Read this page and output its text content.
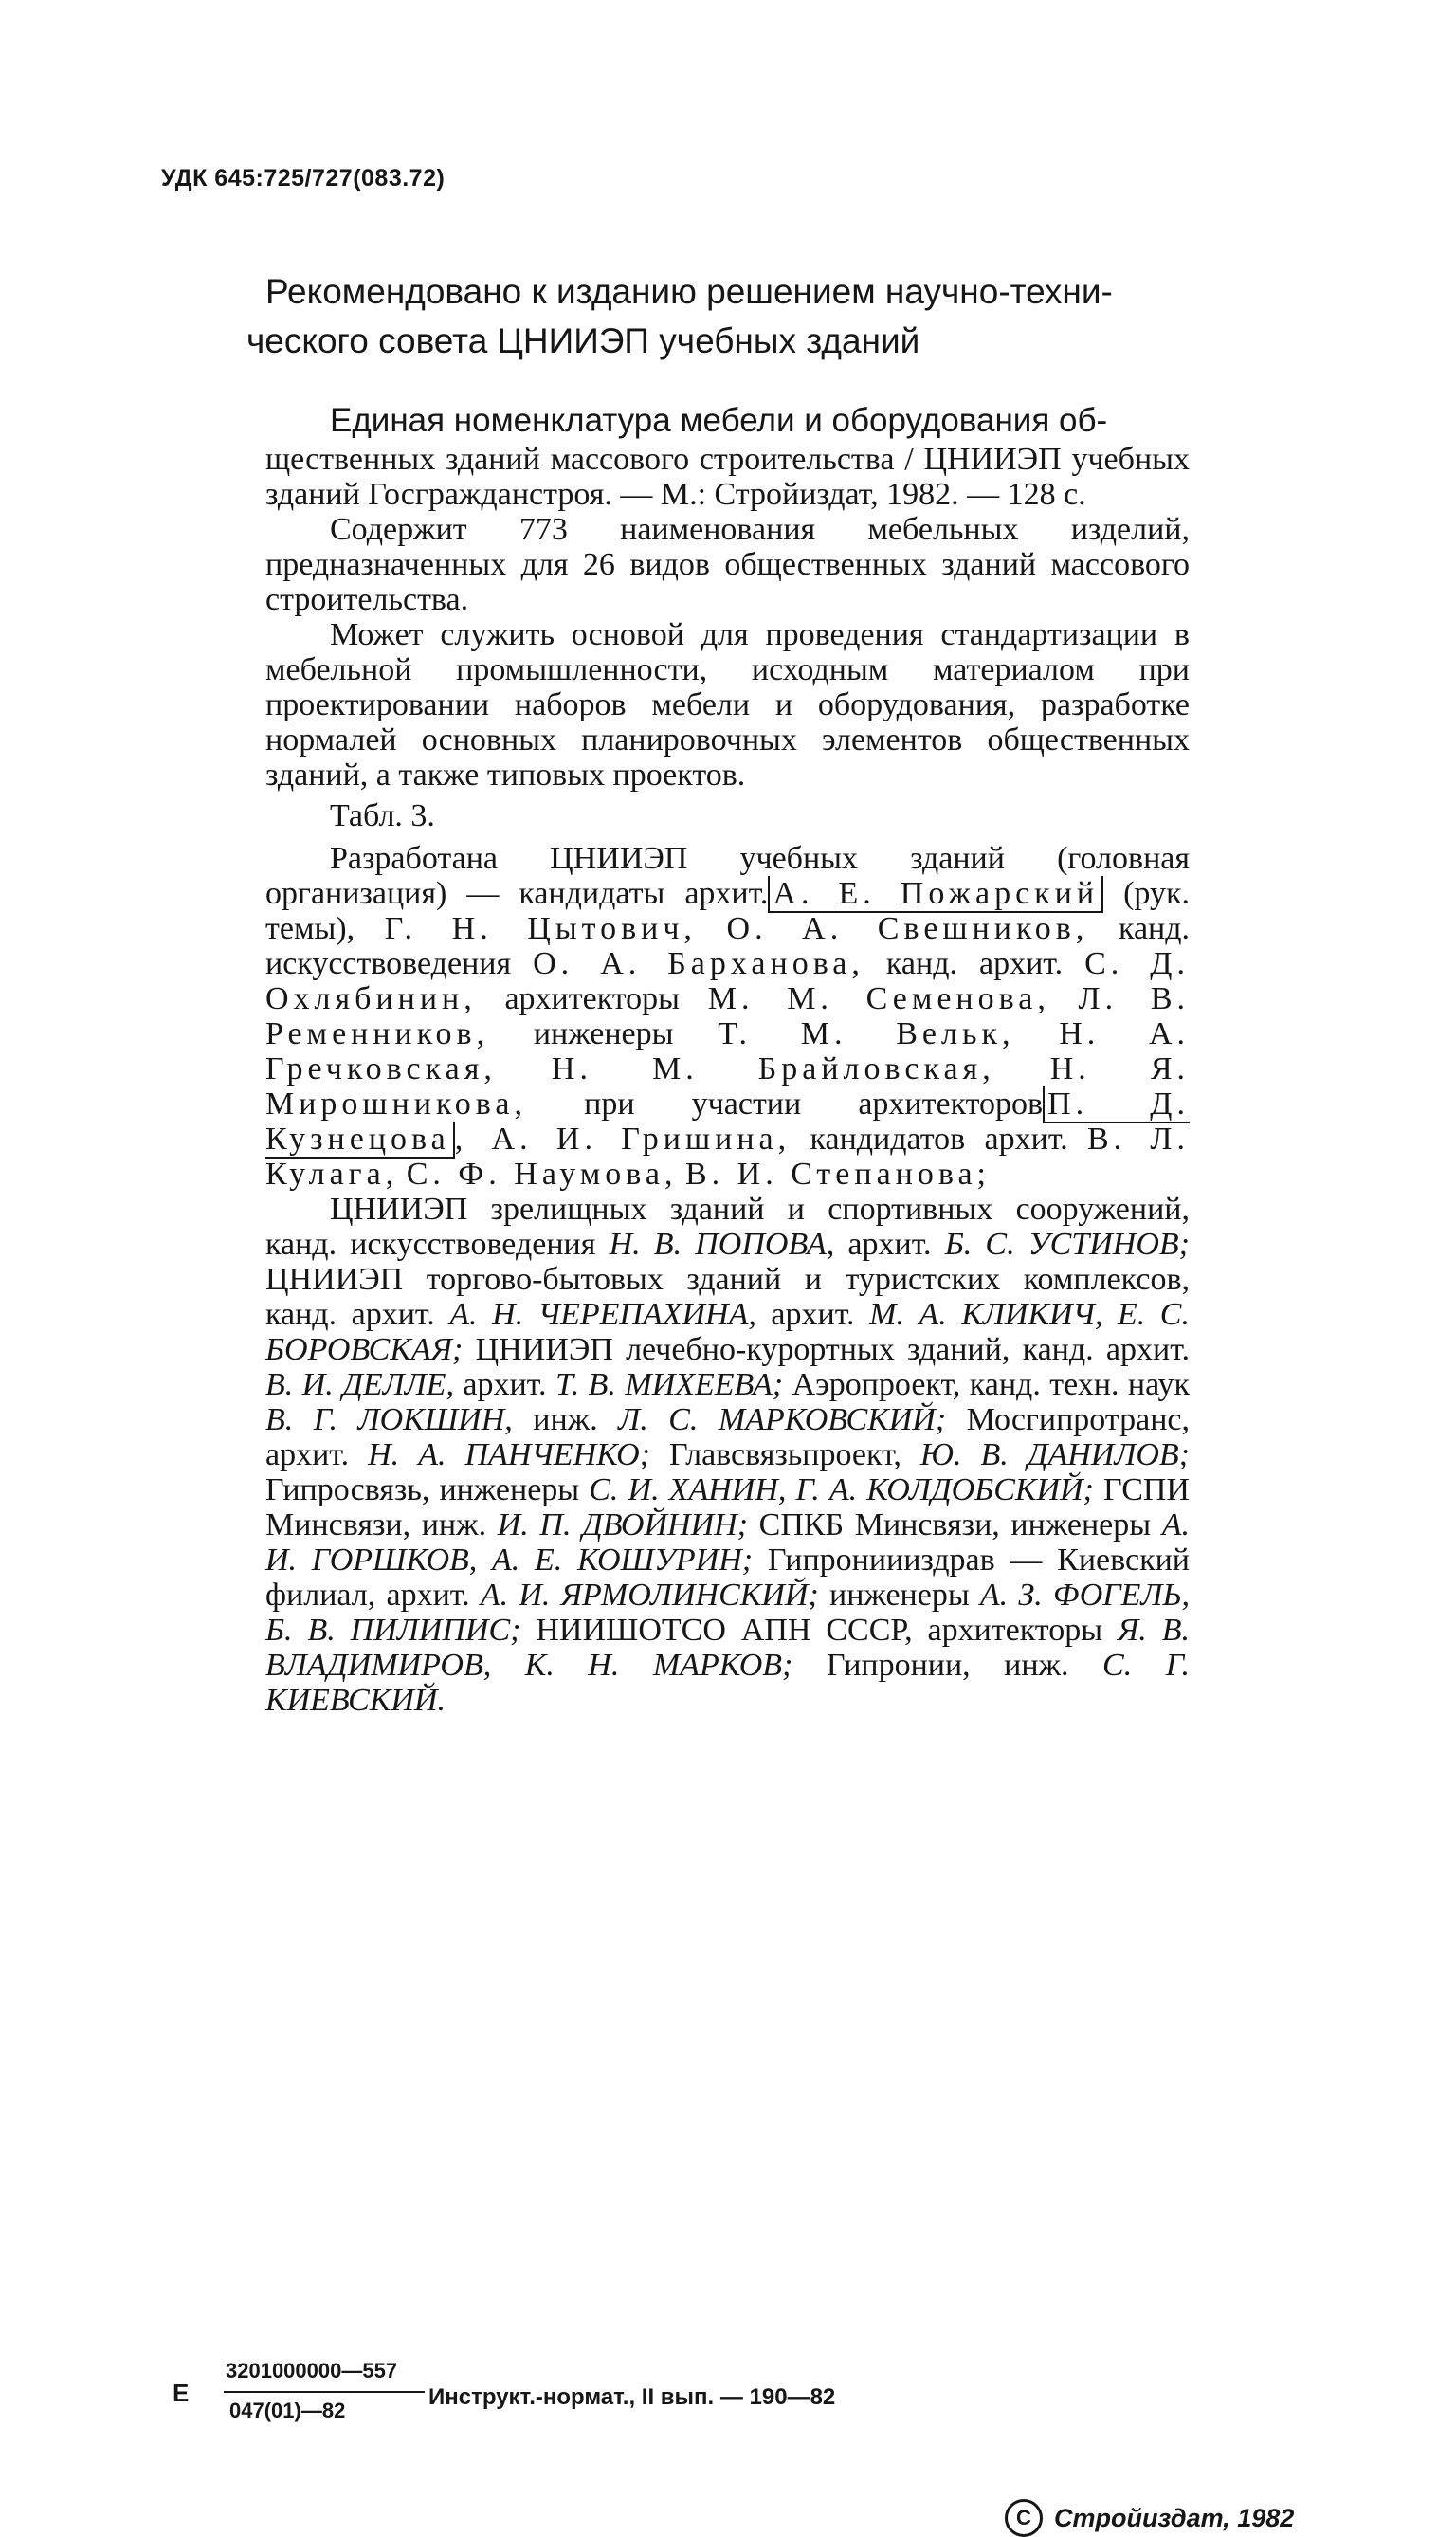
УДК 645:725/727(083.72)

Рекомендовано к изданию решением научно-техни-

ческого совета ЦНИИЭП учебных зданий

Единая номенклатура мебели и оборудования об-

щественных зданий массового строительства / ЦНИИЭП учебных зданий Госгражданстроя. — М.: Стройиздат, 1982. — 128 с.

Содержит 773 наименования мебельных изделий, предназначенных для 26 видов общественных зданий массового строительства.

Может служить основой для проведения стандартизации в мебельной промышленности, исходным материалом при проектировании наборов мебели и оборудования, разработке нормалей основных планировочных элементов общественных зданий, а также типовых проектов.

Табл. 3.

Разработана ЦНИИЭП учебных зданий (головная организация) — кандидаты архит. А. Е. Пожарский (рук. темы), Г. Н. Цытович, О. А. Свешников, канд. искусствоведения О. А. Барханова, канд. архит. С. Д. Охлябинин, архитекторы М. М. Семенова, Л. В. Ременников, инженеры Т. М. Вельк, Н. А. Гречковская, Н. М. Брайловская, Н. Я. Мирошникова, при участии архитекторов П. Д. Кузнецова , А. И. Гришина, кандидатов архит. В. Л. Кулага, С. Ф. Наумова, В. И. Степанова;

ЦНИИЭП зрелищных зданий и спортивных сооружений, канд. искусствоведения Н. В. ПОПОВА, архит. Б. С. УСТИНОВ; ЦНИИЭП торгово-бытовых зданий и туристских комплексов, канд. архит. А. Н. ЧЕРЕПАХИНА, архит. М. А. КЛИКИЧ, Е. С. БОРОВСКАЯ; ЦНИИЭП лечебно-курортных зданий, канд. архит. В. И. ДЕЛЛЕ, архит. Т. В. МИХЕЕВА; Аэропроект, канд. техн. наук В. Г. ЛОКШИН, инж. Л. С. МАРКОВСКИЙ; Мосгипротранс, архит. Н. А. ПАНЧЕНКО; Главсвязьпроект, Ю. В. ДАНИЛОВ; Гипросвязь, инженеры С. И. ХАНИН, Г. А. КОЛДОБСКИЙ; ГСПИ Минсвязи, инж. И. П. ДВОЙНИН; СПКБ Минсвязи, инженеры А. И. ГОРШКОВ, А. Е. КОШУРИН; Гипрониииздрав — Киевский филиал, архит. А. И. ЯРМОЛИНСКИЙ; инженеры А. З. ФОГЕЛЬ, Б. В. ПИЛИПИС; НИИШОТСО АПН СССР, архитекторы Я. В. ВЛАДИМИРОВ, К. Н. МАРКОВ; Гипронии, инж. С. Г. КИЕВСКИЙ.

Е
3201000000—557
047(01)—82
Инструкт.-нормат., II вып. — 190—82
C Стройиздат, 1982
